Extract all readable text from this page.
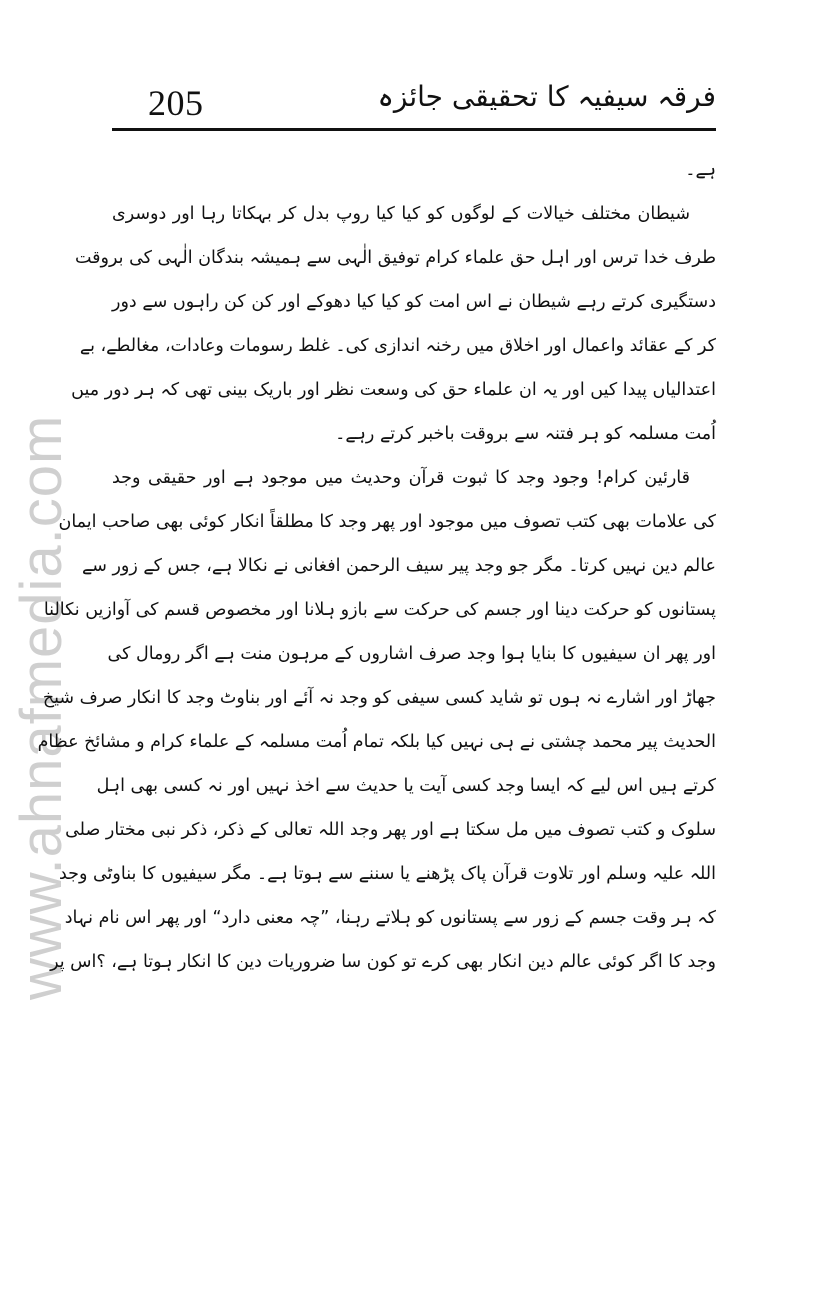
205	فرقہ سیفیہ کا تحقیقی جائزہ
www.ahnafmedia.com
ہے۔
شیطان مختلف خیالات کے لوگوں کو کیا کیا روپ بدل کر بہکاتا رہا اور دوسری
طرف خدا ترس اور اہل حق علماء کرام توفیق الٰہی سے ہمیشہ بندگان الٰہی کی بروقت
دستگیری کرتے رہے شیطان نے اس امت کو کیا کیا دھوکے اور کن کن راہوں سے دور
کر کے عقائد واعمال اور اخلاق میں رخنہ اندازی کی۔ غلط رسومات وعادات، مغالطے، بے
اعتدالیاں پیدا کیں اور یہ ان علماء حق کی وسعت نظر اور باریک بینی تھی کہ ہر دور میں
اُمت مسلمہ کو ہر فتنہ سے بروقت باخبر کرتے رہے۔
قارئین کرام! وجود وجد کا ثبوت قرآن وحدیث میں موجود ہے اور حقیقی وجد
کی علامات بھی کتب تصوف میں موجود اور پھر وجد کا مطلقاً انکار کوئی بھی صاحب ایمان
عالم دین نہیں کرتا۔ مگر جو وجد پیر سیف الرحمن افغانی نے نکالا ہے، جس کے زور سے
پستانوں کو حرکت دینا اور جسم کی حرکت سے بازو ہلانا اور مخصوص قسم کی آوازیں نکالنا
اور پھر ان سیفیوں کا بنایا ہوا وجد صرف اشاروں کے مرہون منت ہے اگر رومال کی
جھاڑ اور اشارے نہ ہوں تو شاید کسی سیفی کو وجد نہ آئے اور بناوٹ وجد کا انکار صرف شیخ
الحدیث پیر محمد چشتی نے ہی نہیں کیا بلکہ تمام اُمت مسلمہ کے علماء کرام و مشائخ عظام
کرتے ہیں اس لیے کہ ایسا وجد کسی آیت یا حدیث سے اخذ نہیں اور نہ کسی بھی اہل
سلوک و کتب تصوف میں مل سکتا ہے اور پھر وجد اللہ تعالی کے ذکر، ذکر نبی مختار صلی
اللہ علیہ وسلم اور تلاوت قرآن پاک پڑھنے یا سننے سے ہوتا ہے۔ مگر سیفیوں کا بناوٹی وجد
کہ ہر وقت جسم کے زور سے پستانوں کو ہلاتے رہنا، ”چہ معنی دارد“ اور پھر اس نام نہاد
وجد کا اگر کوئی عالم دین انکار بھی کرے تو کون سا ضروریات دین کا انکار ہوتا ہے، ؟اس پر
